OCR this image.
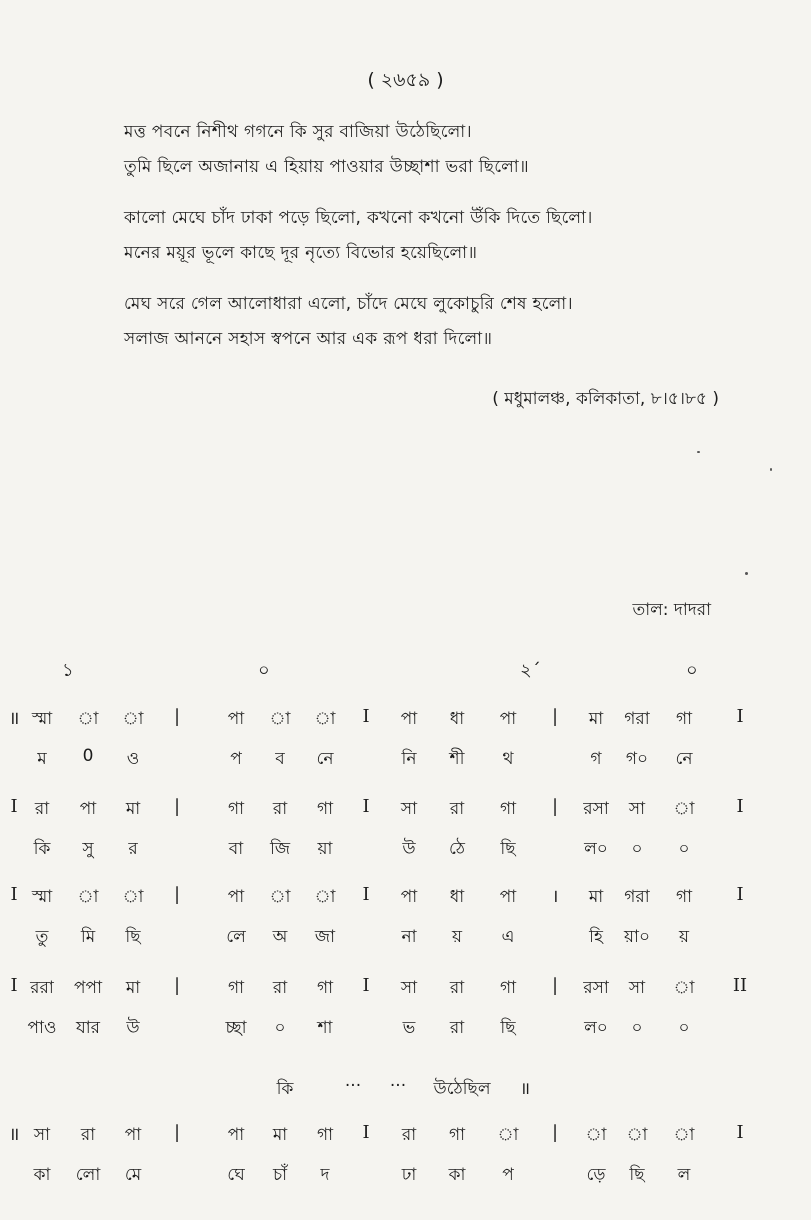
( ২৬৫৯ )
মত্ত পবনে নিশীথ গগনে কি সুর বাজিয়া উঠেছিলো।
তুমি ছিলে অজানায় এ হিয়ায় পাওয়ার উচ্ছাশা ভরা ছিলো॥
কালো মেঘে চাঁদ ঢাকা পড়ে ছিলো, কখনো কখনো উঁকি দিতে ছিলো।
মনের ময়ূর ভূলে কাছে দূর নৃত্যে বিভোর হয়েছিলো॥
মেঘ সরে গেল আলোধারা এলো, চাঁদে মেঘে লুকোচুরি শেষ হলো।
সলাজ আননে সহাস স্বপনে আর এক রূপ ধরা দিলো॥
( মধুমালঞ্চ, কলিকাতা, ৮।৫।৮৫ )
তাল: দাদরা
১	০	২´	০
॥ স্মা া া |	পা া া I পা ধা পা | মা গরা গা I
ম 0 ও	প ব নে	নি শী থ	গ গ০ নে
I রা পা মা |	গা রা গা I সা রা গা | রসা সা া I
কি সু র	বা জি য়া	উ ঠে ছি	ল০ ০ ০
I স্মা া া |	পা া া I পা ধা পা । মা গরা গা I
তু মি ছি	লে অ জা	না য় এ	হি য়া০ য়
I ররা পপা মা |	গা রা গা I সা রা গা | রসা সা া II
পাও যার উ	চ্ছা ০ শা	ভ রা ছি	ল০ ০ ০
॥ সা রা পা |	পা মা গা I রা গা া | া া া I
কা লো মে	ঘে চাঁ দ	ঢা কা প	ড়ে ছি ল
কি	··· ··· উঠেছিল ॥
